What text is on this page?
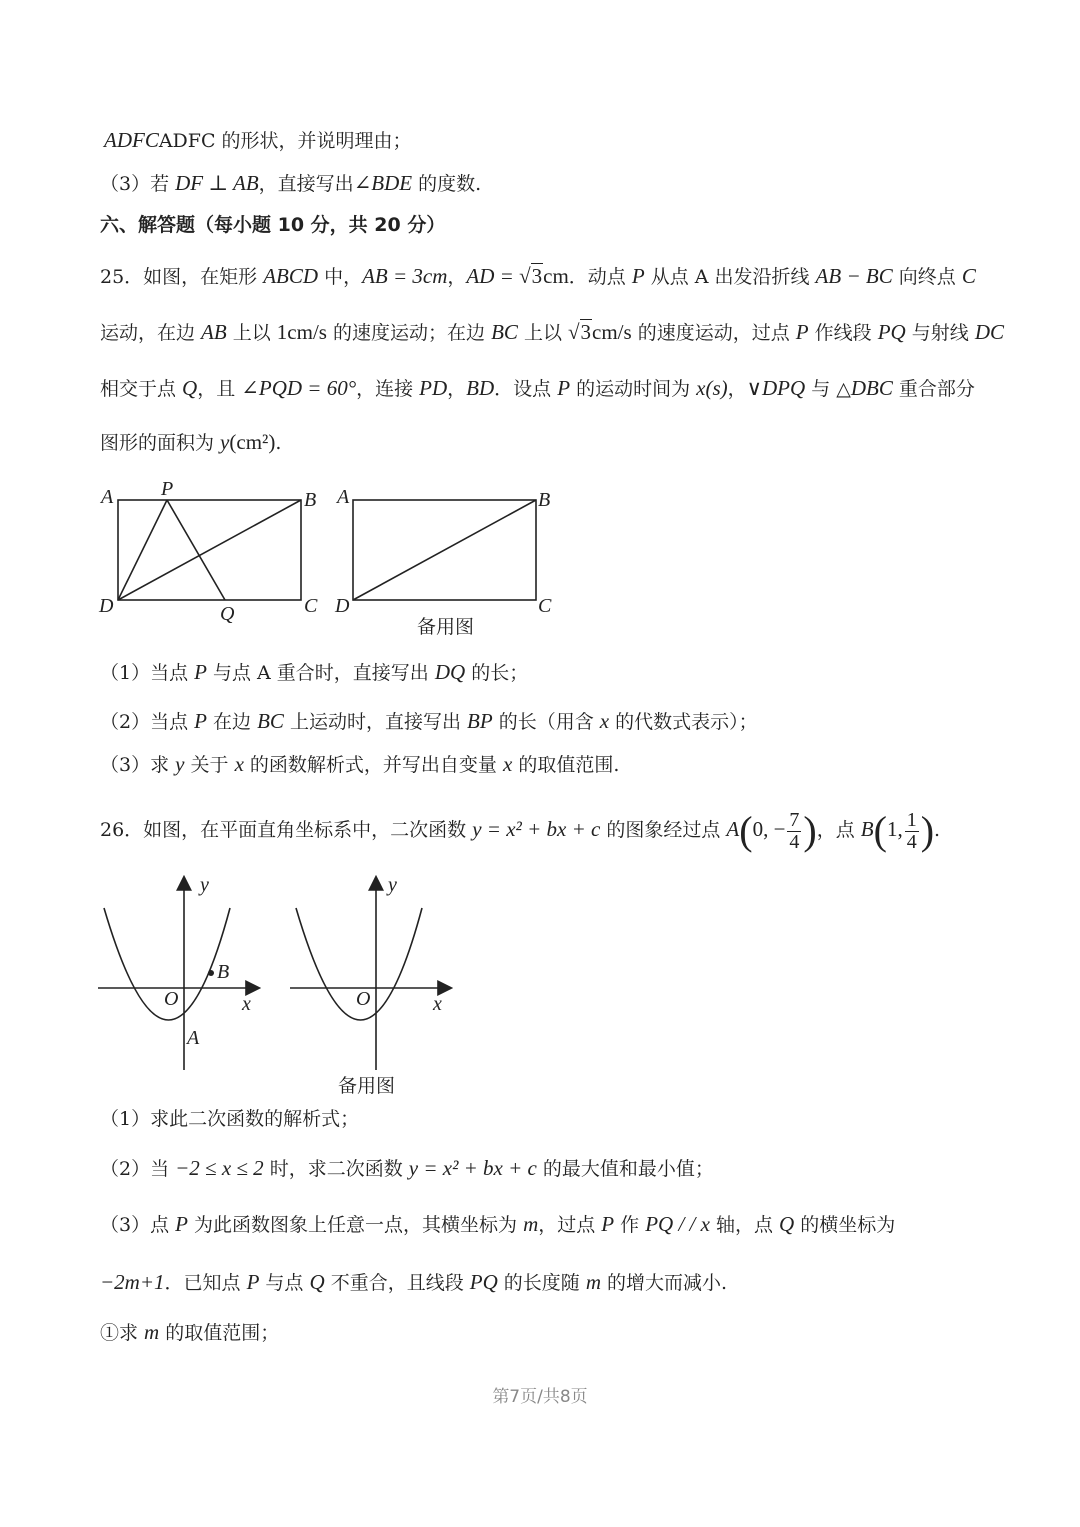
ADFCADFC 的形状，并说明理由；
（3）若 DF ⊥ AB，直接写出∠BDE 的度数.
六、解答题（每小题 10 分，共 20 分）
25．如图，在矩形 ABCD 中，AB = 3cm，AD = √3cm．动点 P 从点 A 出发沿折线 AB − BC 向终点 C
运动，在边 AB 上以 1cm/s 的速度运动；在边 BC 上以 √3cm/s 的速度运动，过点 P 作线段 PQ 与射线 DC
相交于点 Q，且 ∠PQD = 60°，连接 PD，BD．设点 P 的运动时间为 x(s)，∨DPQ 与 △DBC 重合部分
图形的面积为 y(cm²).
A P	B
D	Q	C
A	B
D	C
备用图
（1）当点 P 与点 A 重合时，直接写出 DQ 的长；
（2）当点 P 在边 BC 上运动时，直接写出 BP 的长（用含 x 的代数式表示）；
（3）求 y 关于 x 的函数解析式，并写出自变量 x 的取值范围.
26．如图，在平面直角坐标系中，二次函数 y = x² + bx + c 的图象经过点 A(0, − $\frac{7}{4}$ )，点 B(1, $\frac{1}{4}$ ).
y
x
O
A
B
y
x
O
备用图
（1）求此二次函数的解析式；
（2）当 −2 ≤ x ≤ 2 时，求二次函数 y = x² + bx + c 的最大值和最小值；
（3）点 P 为此函数图象上任意一点，其横坐标为 m，过点 P 作 PQ / / x 轴，点 Q 的横坐标为
−2m+1．已知点 P 与点 Q 不重合，且线段 PQ 的长度随 m 的增大而减小.
①求 m 的取值范围；
第7页/共8页
